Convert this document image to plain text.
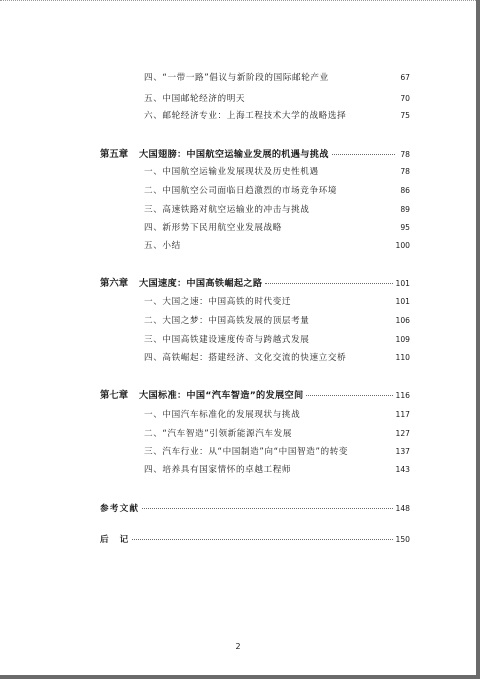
四、“一带一路”倡议与新阶段的国际邮轮产业	67
五、中国邮轮经济的明天	70
六、邮轮经济专业：上海工程技术大学的战略选择	75
第五章	大国翅膀：中国航空运输业发展的机遇与挑战	78
一、中国航空运输业发展现状及历史性机遇	78
二、中国航空公司面临日趋激烈的市场竞争环境	86
三、高速铁路对航空运输业的冲击与挑战	89
四、新形势下民用航空业发展战略	95
五、小结	100
第六章	大国速度：中国高铁崛起之路	101
一、大国之速：中国高铁的时代变迁	101
二、大国之梦：中国高铁发展的顶层考量	106
三、中国高铁建设速度传奇与跨越式发展	109
四、高铁崛起：搭建经济、文化交流的快速立交桥	110
第七章	大国标准：中国“汽车智造”的发展空间	116
一、中国汽车标准化的发展现状与挑战	117
二、“汽车智造”引领新能源汽车发展	127
三、汽车行业：从“中国制造”向“中国智造”的转变	137
四、培养具有国家情怀的卓越工程师	143
参考文献	148
后　记	150
2
